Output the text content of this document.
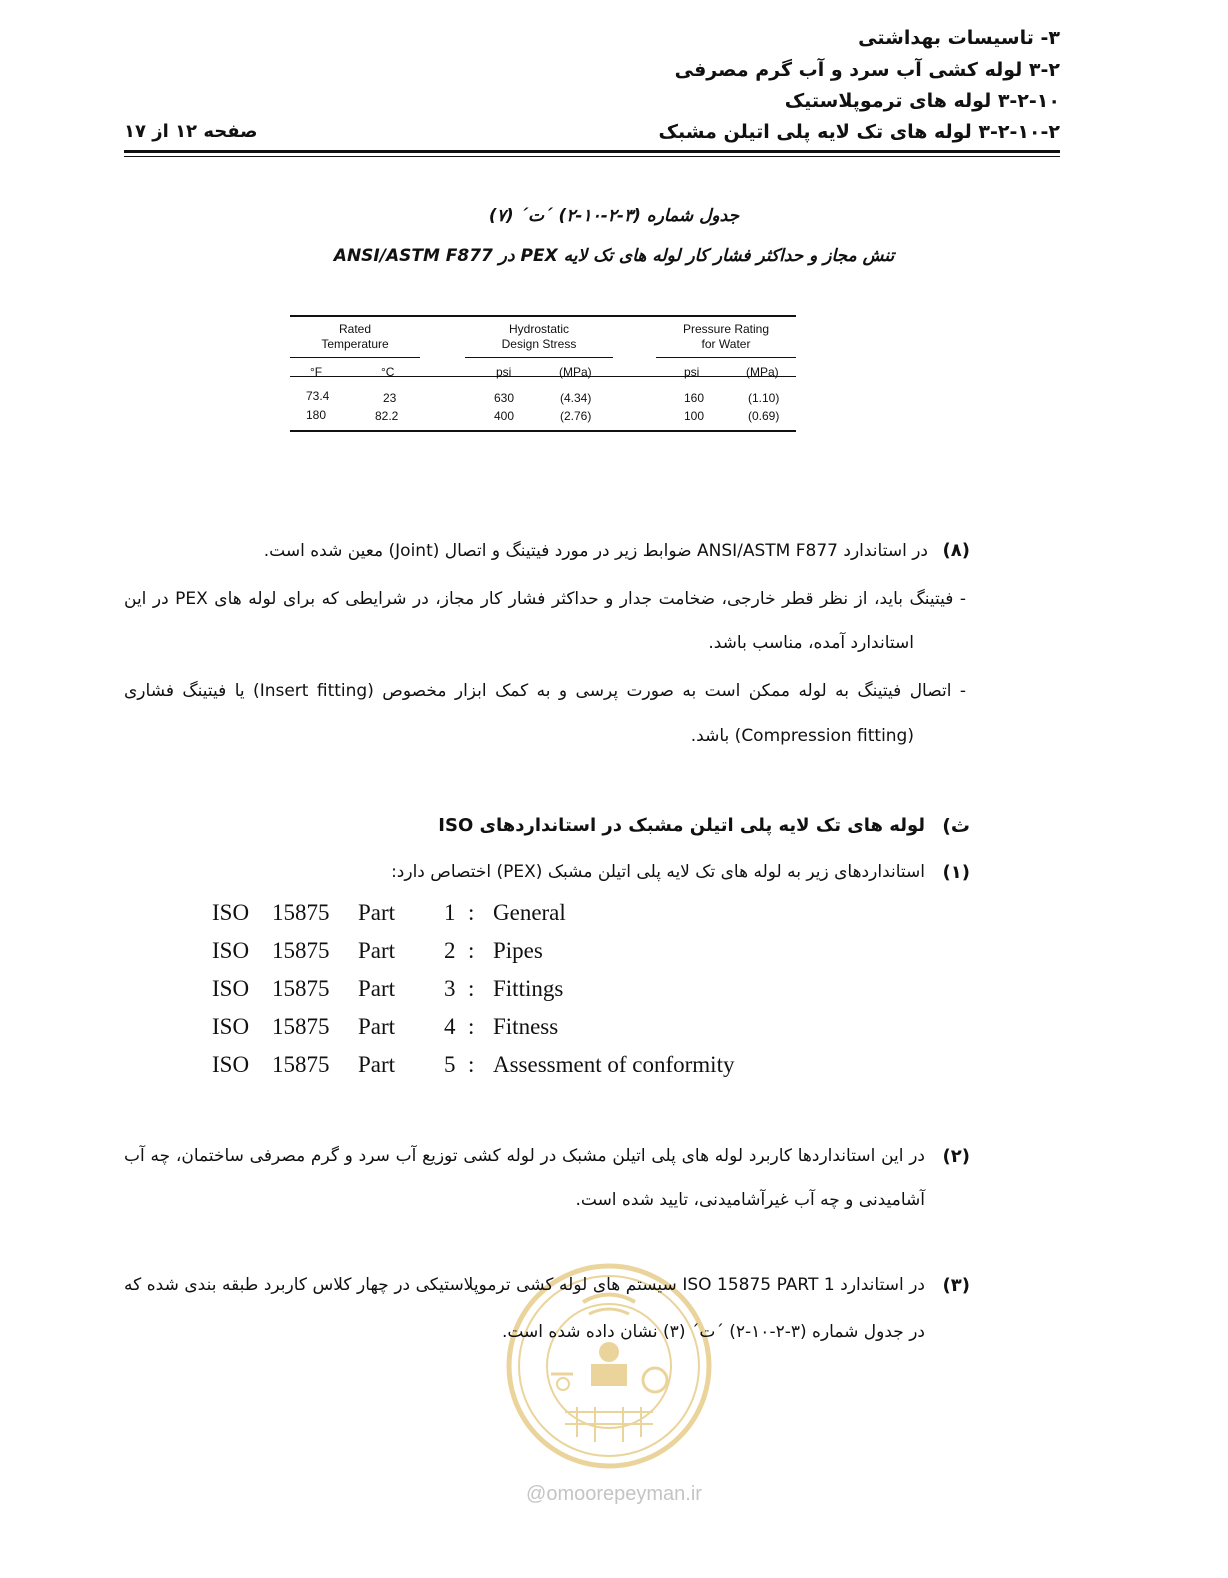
۳- تاسیسات بهداشتی
۳-۲ لوله کشی آب سرد و آب گرم مصرفی
۳-۲-۱۰ لوله های ترموپلاستیک
۳-۲-۱۰-۲ لوله های تک لایه پلی اتیلن مشبک
صفحه ۱۲ از ۱۷
جدول شماره (۳-۲-۱۰-۲) ´ت´ (۷)
تنش مجاز و حداکثر فشار کار لوله های تک لایه PEX در ANSI/ASTM F877
Rated
Temperature
Hydrostatic
Design Stress
Pressure Rating
for Water
°F	°C	psi	(MPa)	psi	(MPa)
73.4	23	630	(4.34)	160	(1.10)
180	82.2	400	(2.76)	100	(0.69)
(۸)
در استاندارد ANSI/ASTM F877 ضوابط زیر در مورد فیتینگ و اتصال (Joint) معین شده است.
- فیتینگ باید، از نظر قطر خارجی، ضخامت جدار و حداکثر فشار کار مجاز، در شرایطی که برای لوله های PEX در این
استاندارد آمده، مناسب باشد.
- اتصال فیتینگ به لوله ممکن است به صورت پرسی و به کمک ابزار مخصوص (Insert fitting) یا فیتینگ فشاری
(Compression fitting) باشد.
ث)
لوله های تک لایه پلی اتیلن مشبک در استانداردهای ISO
(۱)
استانداردهای زیر به لوله های تک لایه پلی اتیلن مشبک (PEX) اختصاص دارد:
ISO 15875 Part 1 : General
ISO 15875 Part 2 : Pipes
ISO 15875 Part 3 : Fittings
ISO 15875 Part 4 : Fitness
ISO 15875 Part 5 : Assessment of conformity
(۲)
در این استانداردها کاربرد لوله های پلی اتیلن مشبک در لوله کشی توزیع آب سرد و گرم مصرفی ساختمان، چه آب
آشامیدنی و چه آب غیرآشامیدنی، تایید شده است.
(۳)
در استاندارد ISO 15875 PART 1 سیستم های لوله کشی ترموپلاستیکی در چهار کلاس کاربرد طبقه بندی شده که
در جدول شماره (۳-۲-۱۰-۲) ´ت´ (۳) نشان داده شده است.
@omoorepeyman.ir
